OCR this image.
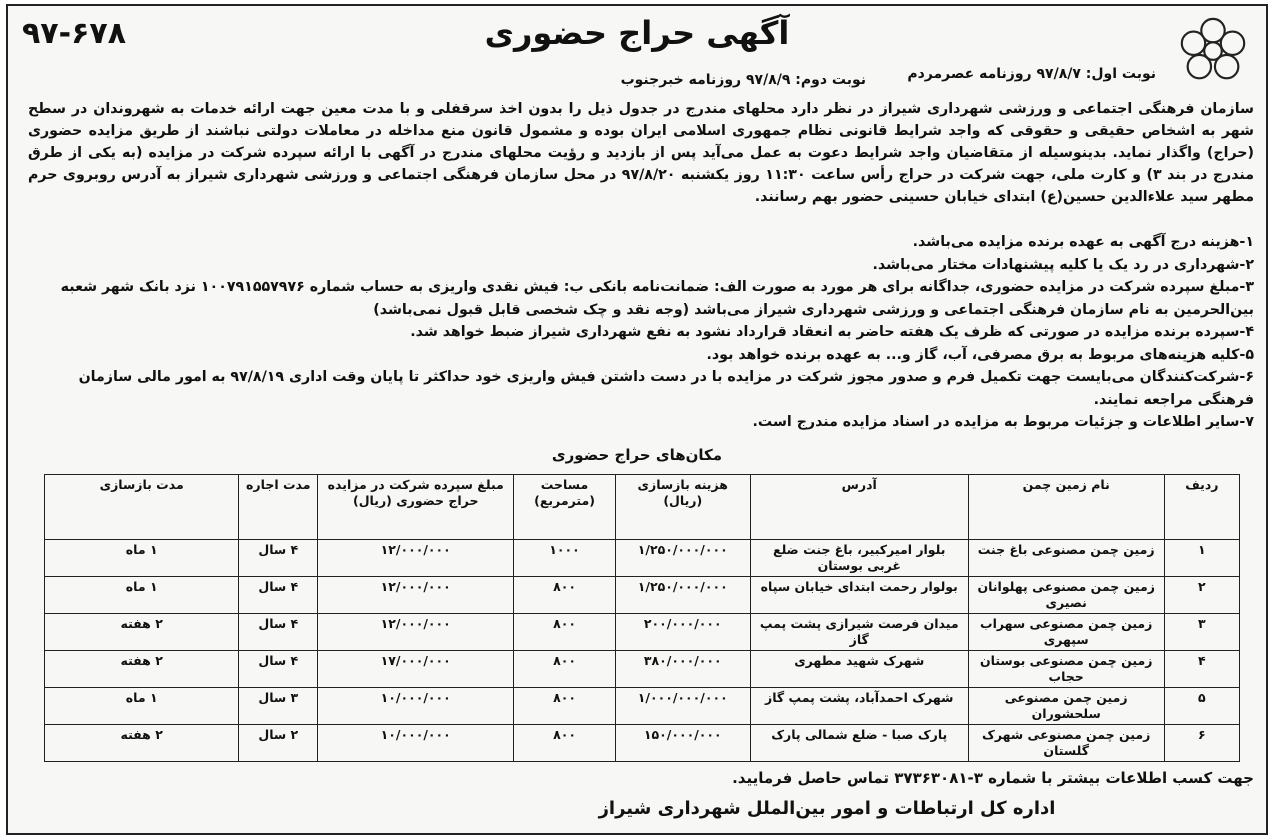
۹۷-۶۷۸	آگهی حراج حضوری
نوبت اول: ۹۷/۸/۷ روزنامه عصرمردم
نوبت دوم: ۹۷/۸/۹ روزنامه خبرجنوب

سازمان فرهنگی اجتماعی و ورزشی شهرداری شیراز در نظر دارد محلهای مندرج در جدول ذیل را بدون اخذ سرقفلی و با مدت معین جهت ارائه خدمات به شهروندان در سطح شهر به اشخاص حقیقی و حقوقی که واجد شرایط قانونی نظام جمهوری اسلامی ایران بوده و مشمول قانون منع مداخله در معاملات دولتی نباشند از طریق مزایده حضوری (حراج) واگذار نماید. بدینوسیله از متقاضیان واجد شرایط دعوت به عمل می‌آید پس از بازدید و رؤیت محلهای مندرج در آگهی با ارائه سپرده شرکت در مزایده (به یکی از طرق مندرج در بند ۳) و کارت ملی، جهت شرکت در حراج رأس ساعت ۱۱:۳۰ روز یکشنبه ۹۷/۸/۲۰ در محل سازمان فرهنگی اجتماعی و ورزشی شهرداری شیراز به آدرس روبروی حرم مطهر سید علاءالدین حسین(ع) ابتدای خیابان حسینی حضور بهم رسانند.

۱-هزینه درج آگهی به عهده برنده مزایده می‌باشد.
۲-شهرداری در رد یک یا کلیه پیشنهادات مختار می‌باشد.
۳-مبلغ سپرده شرکت در مزایده حضوری، جداگانه برای هر مورد به صورت الف: ضمانت‌نامه بانکی ب: فیش نقدی واریزی به حساب شماره ۱۰۰۷۹۱۵۵۷۹۷۶ نزد بانک شهر شعبه بین‌الحرمین به نام سازمان فرهنگی اجتماعی و ورزشی شهرداری شیراز می‌باشد (وجه نقد و چک شخصی قابل قبول نمی‌باشد)
۴-سپرده برنده مزایده در صورتی که ظرف یک هفته حاضر به انعقاد قرارداد نشود به نفع شهرداری شیراز ضبط خواهد شد.
۵-کلیه هزینه‌های مربوط به برق مصرفی، آب، گاز و... به عهده برنده خواهد بود.
۶-شرکت‌کنندگان می‌بایست جهت تکمیل فرم و صدور مجوز شرکت در مزایده با در دست داشتن فیش واریزی خود حداکثر تا پایان وقت اداری ۹۷/۸/۱۹ به امور مالی سازمان فرهنگی مراجعه نمایند.
۷-سایر اطلاعات و جزئیات مربوط به مزایده در اسناد مزایده مندرج است.
مکان‌های حراج حضوری
ردیف	نام زمین چمن	آدرس	هزینه بازسازی (ریال)	مساحت (مترمربع)	مبلغ سپرده شرکت در مزایده حراج حضوری (ریال)	مدت اجاره	مدت بازسازی
۱	زمین چمن مصنوعی باغ جنت	بلوار امیرکبیر، باغ جنت ضلع غربی بوستان	۱/۲۵۰/۰۰۰/۰۰۰	۱۰۰۰	۱۲/۰۰۰/۰۰۰	۴ سال	۱ ماه
۲	زمین چمن مصنوعی پهلوانان نصیری	بولوار رحمت ابتدای خیابان سپاه	۱/۲۵۰/۰۰۰/۰۰۰	۸۰۰	۱۲/۰۰۰/۰۰۰	۴ سال	۱ ماه
۳	زمین چمن مصنوعی سهراب سپهری	میدان فرصت شیرازی پشت پمپ گاز	۲۰۰/۰۰۰/۰۰۰	۸۰۰	۱۲/۰۰۰/۰۰۰	۴ سال	۲ هفته
۴	زمین چمن مصنوعی بوستان حجاب	شهرک شهید مطهری	۳۸۰/۰۰۰/۰۰۰	۸۰۰	۱۷/۰۰۰/۰۰۰	۴ سال	۲ هفته
۵	زمین چمن مصنوعی سلحشوران	شهرک احمدآباد، پشت پمپ گاز	۱/۰۰۰/۰۰۰/۰۰۰	۸۰۰	۱۰/۰۰۰/۰۰۰	۳ سال	۱ ماه
۶	زمین چمن مصنوعی شهرک گلستان	پارک صبا - ضلع شمالی پارک	۱۵۰/۰۰۰/۰۰۰	۸۰۰	۱۰/۰۰۰/۰۰۰	۲ سال	۲ هفته
جهت کسب اطلاعات بیشتر با شماره ۳-۳۷۳۶۳۰۸۱ تماس حاصل فرمایید.
اداره کل ارتباطات و امور بین‌الملل شهرداری شیراز
